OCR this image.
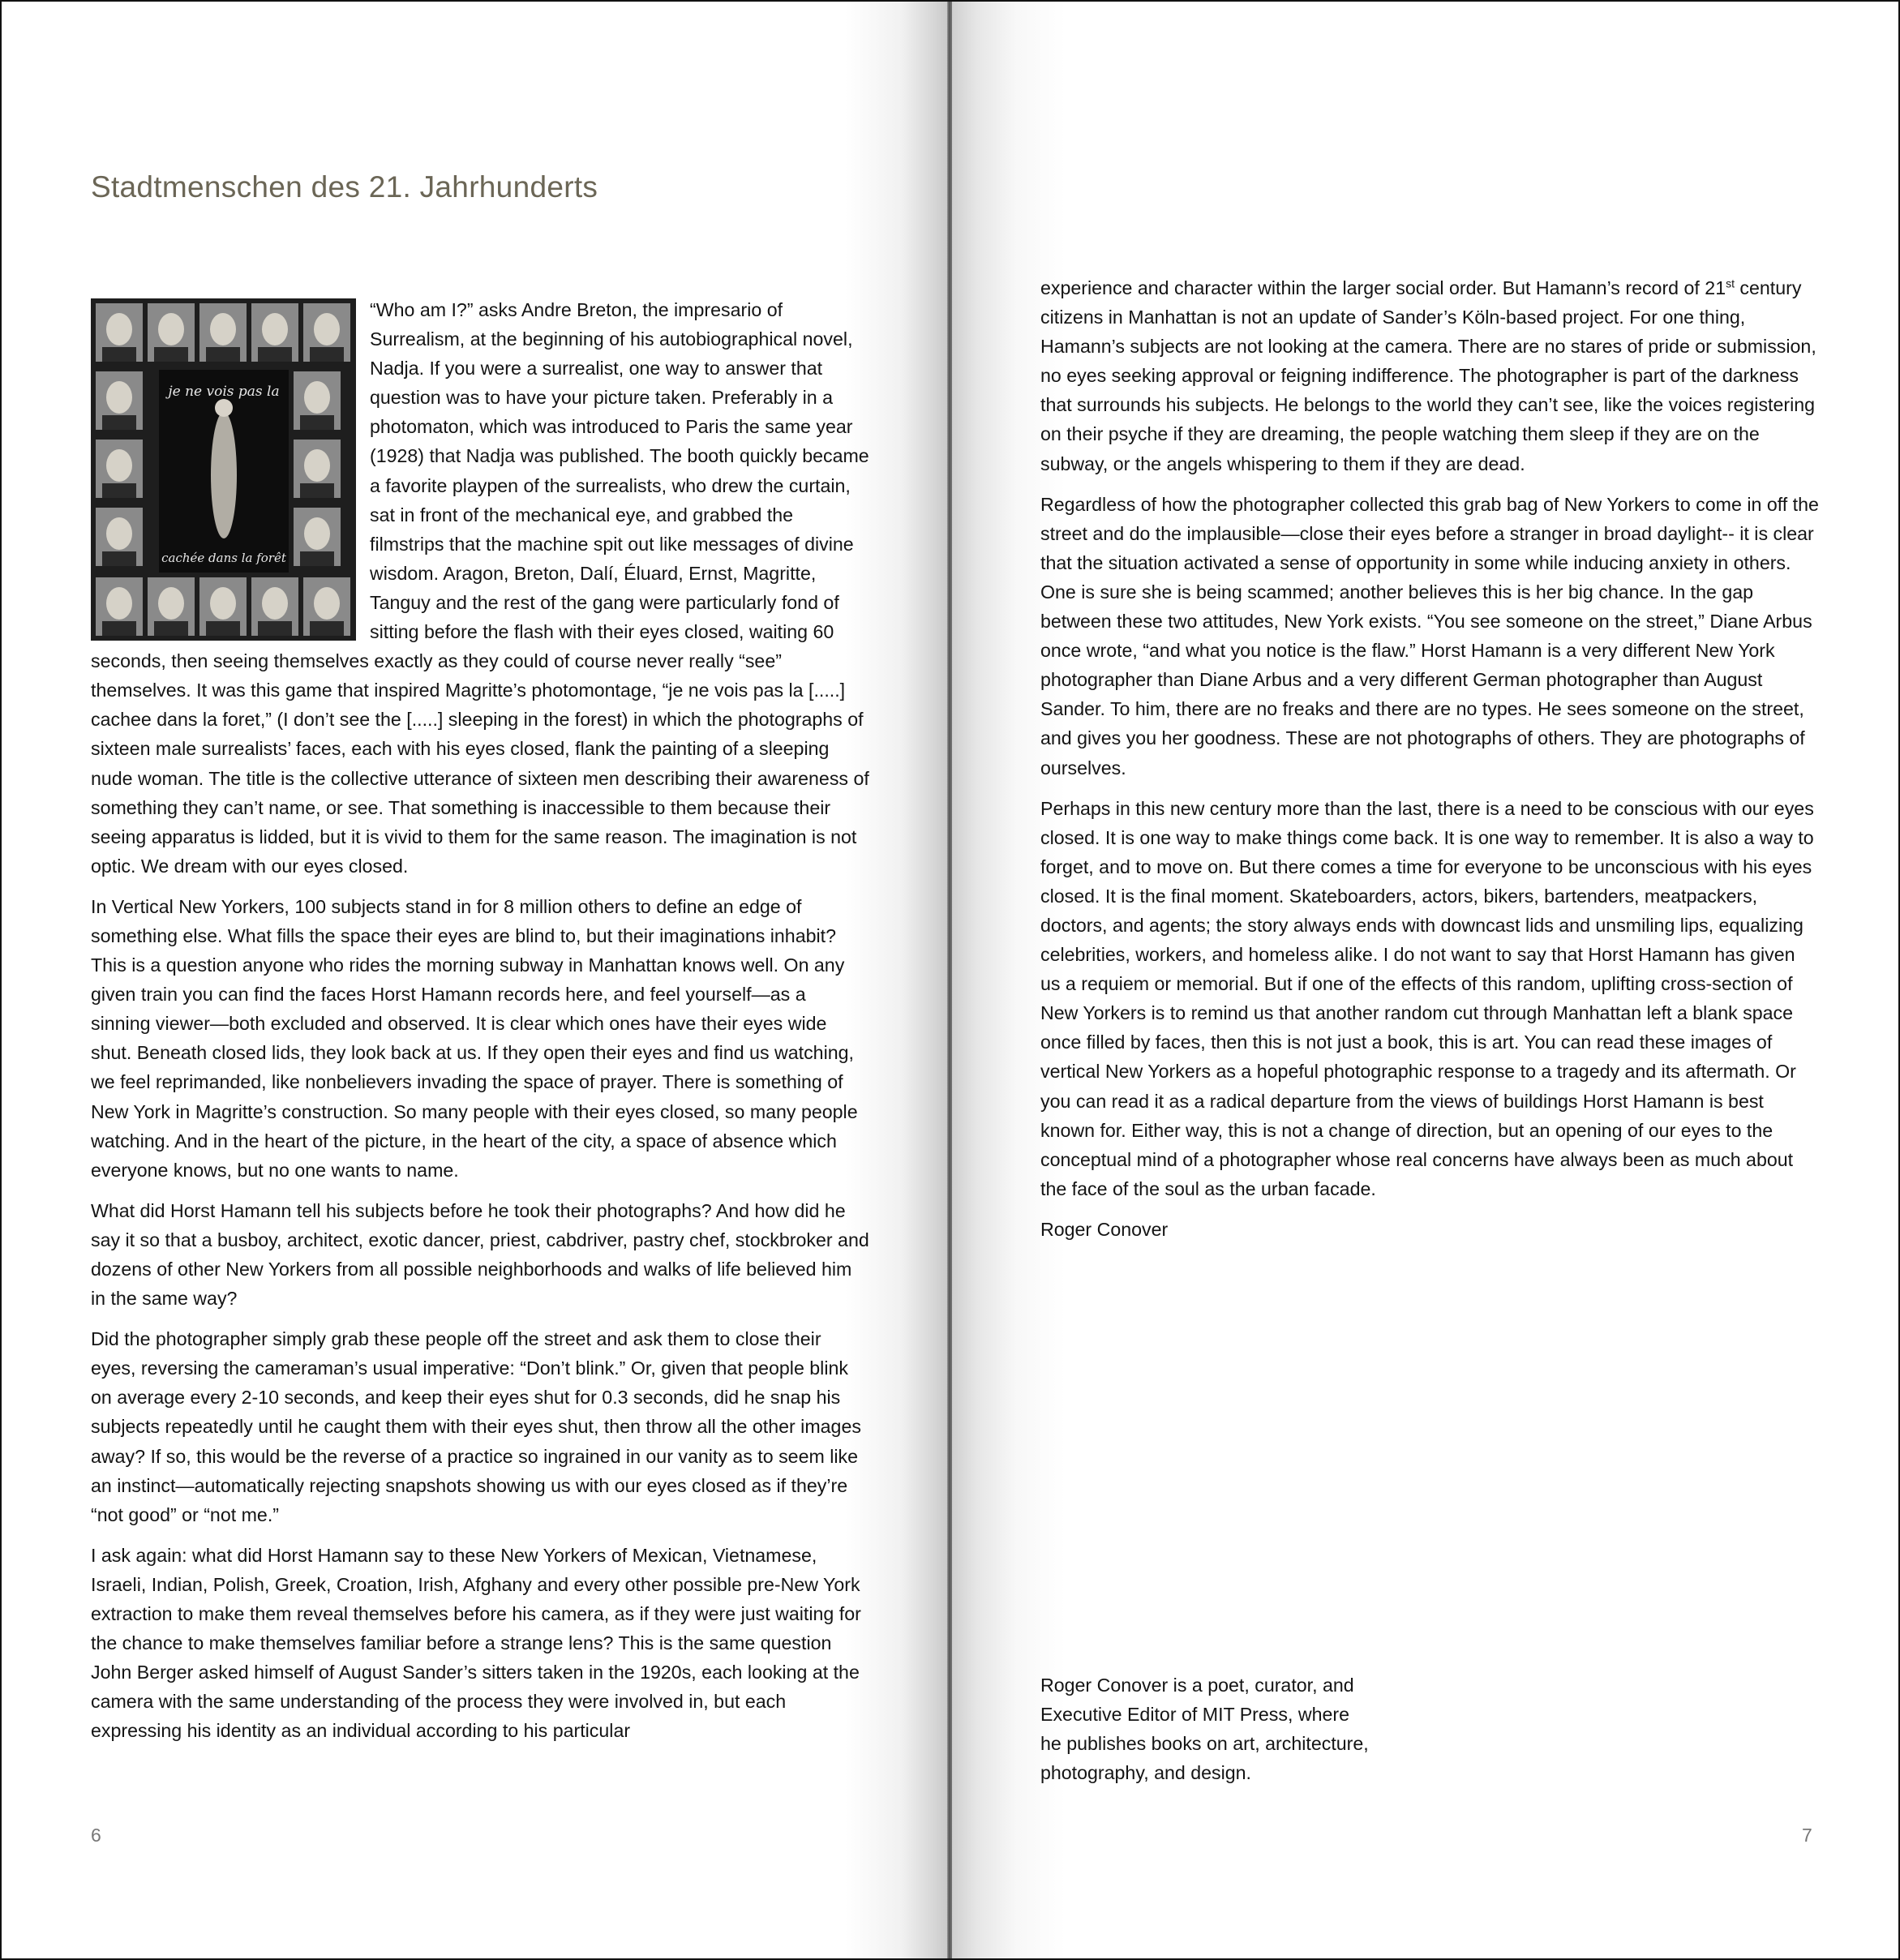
Stadtmenschen des 21. Jahrhunderts

je ne vois pas la
cachée dans la forêt
“Who am I?” asks Andre Breton, the impresario of Surrealism, at the beginning of his autobiographical novel, Nadja. If you were a surrealist, one way to answer that question was to have your picture taken. Preferably in a photomaton, which was introduced to Paris the same year (1928) that Nadja was published. The booth quickly became a favorite playpen of the surrealists, who drew the curtain, sat in front of the mechanical eye, and grabbed the filmstrips that the machine spit out like messages of divine wisdom. Aragon, Breton, Dalí, Éluard, Ernst, Magritte, Tanguy and the rest of the gang were particularly fond of sitting before the flash with their eyes closed, waiting 60 seconds, then seeing themselves exactly as they could of course never really “see” themselves. It was this game that inspired Magritte’s photomontage, “je ne vois pas la [.....] cachee dans la foret,” (I don’t see the [.....] sleeping in the forest) in which the photographs of sixteen male surrealists’ faces, each with his eyes closed, flank the painting of a sleeping nude woman. The title is the collective utterance of sixteen men describing their awareness of something they can’t name, or see. That something is inaccessible to them because their seeing apparatus is lidded, but it is vivid to them for the same reason. The imagination is not optic. We dream with our eyes closed.

In Vertical New Yorkers, 100 subjects stand in for 8 million others to define an edge of something else. What fills the space their eyes are blind to, but their imaginations inhabit? This is a question anyone who rides the morning subway in Manhattan knows well. On any given train you can find the faces Horst Hamann records here, and feel yourself—as a sinning viewer—both excluded and observed. It is clear which ones have their eyes wide shut. Beneath closed lids, they look back at us. If they open their eyes and find us watching, we feel reprimanded, like nonbelievers invading the space of prayer. There is something of New York in Magritte’s construction. So many people with their eyes closed, so many people watching. And in the heart of the picture, in the heart of the city, a space of absence which everyone knows, but no one wants to name.

What did Horst Hamann tell his subjects before he took their photographs? And how did he say it so that a busboy, architect, exotic dancer, priest, cabdriver, pastry chef, stockbroker and dozens of other New Yorkers from all possible neighborhoods and walks of life believed him in the same way?

Did the photographer simply grab these people off the street and ask them to close their eyes, reversing the cameraman’s usual imperative: “Don’t blink.” Or, given that people blink on average every 2-10 seconds, and keep their eyes shut for 0.3 seconds, did he snap his subjects repeatedly until he caught them with their eyes shut, then throw all the other images away? If so, this would be the reverse of a practice so ingrained in our vanity as to seem like an instinct—automatically rejecting snapshots showing us with our eyes closed as if they’re “not good” or “not me.”

I ask again: what did Horst Hamann say to these New Yorkers of Mexican, Vietnamese, Israeli, Indian, Polish, Greek, Croation, Irish, Afghany and every other possible pre-New York extraction to make them reveal themselves before his camera, as if they were just waiting for the chance to make themselves familiar before a strange lens? This is the same question John Berger asked himself of August Sander’s sitters taken in the 1920s, each looking at the camera with the same understanding of the process they were involved in, but each expressing his identity as an individual according to his particular

6

experience and character within the larger social order. But Hamann’s record of 21st century citizens in Manhattan is not an update of Sander’s Köln-based project. For one thing, Hamann’s subjects are not looking at the camera. There are no stares of pride or submission, no eyes seeking approval or feigning indifference. The photographer is part of the darkness that surrounds his subjects. He belongs to the world they can’t see, like the voices registering on their psyche if they are dreaming, the people watching them sleep if they are on the subway, or the angels whispering to them if they are dead.

Regardless of how the photographer collected this grab bag of New Yorkers to come in off the street and do the implausible—close their eyes before a stranger in broad daylight-- it is clear that the situation activated a sense of opportunity in some while inducing anxiety in others. One is sure she is being scammed; another believes this is her big chance. In the gap between these two attitudes, New York exists. “You see someone on the street,” Diane Arbus once wrote, “and what you notice is the flaw.” Horst Hamann is a very different New York photographer than Diane Arbus and a very different German photographer than August Sander. To him, there are no freaks and there are no types. He sees someone on the street, and gives you her goodness. These are not photographs of others. They are photographs of ourselves.

Perhaps in this new century more than the last, there is a need to be conscious with our eyes closed. It is one way to make things come back. It is one way to remember. It is also a way to forget, and to move on. But there comes a time for everyone to be unconscious with his eyes closed. It is the final moment. Skateboarders, actors, bikers, bartenders, meatpackers, doctors, and agents; the story always ends with downcast lids and unsmiling lips, equalizing celebrities, workers, and homeless alike. I do not want to say that Horst Hamann has given us a requiem or memorial. But if one of the effects of this random, uplifting cross-section of New Yorkers is to remind us that another random cut through Manhattan left a blank space once filled by faces, then this is not just a book, this is art. You can read these images of vertical New Yorkers as a hopeful photographic response to a tragedy and its aftermath. Or you can read it as a radical departure from the views of buildings Horst Hamann is best known for. Either way, this is not a change of direction, but an opening of our eyes to the conceptual mind of a photographer whose real concerns have always been as much about the face of the soul as the urban facade.

Roger Conover

Roger Conover is a poet, curator, and

Executive Editor of MIT Press, where

he publishes books on art, architecture,

photography, and design.

7
